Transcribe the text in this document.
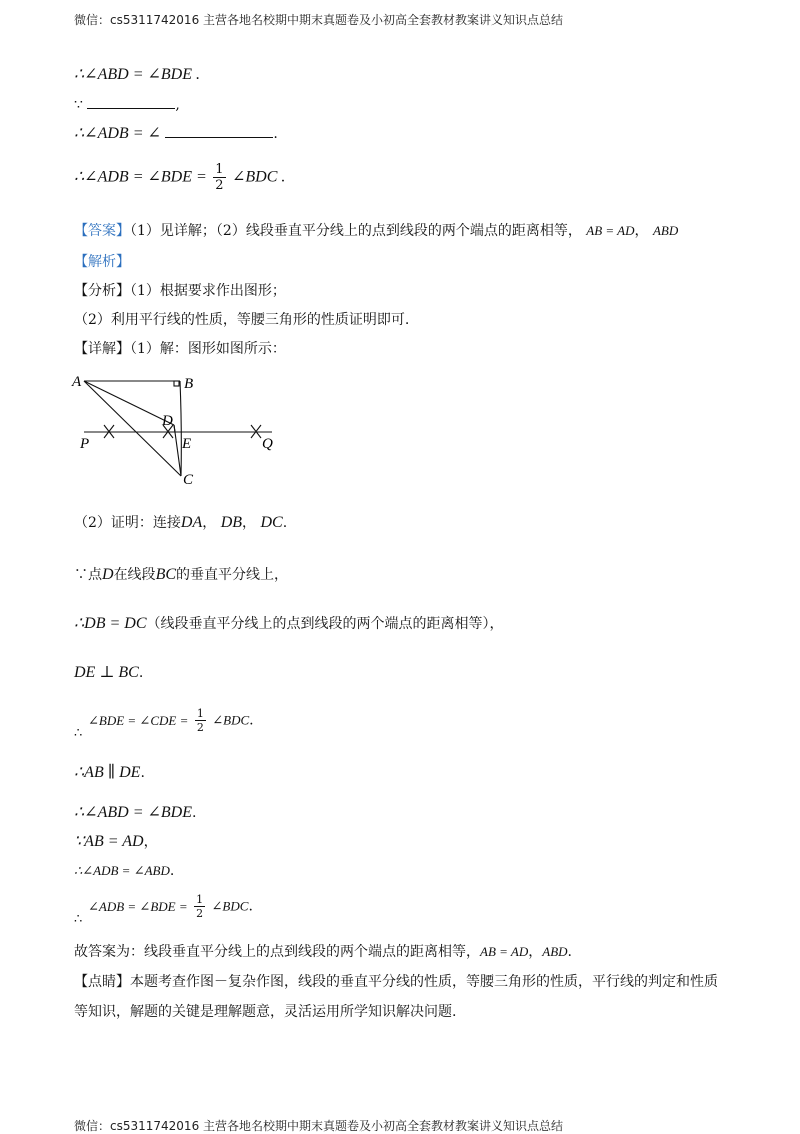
微信：cs5311742016 主营各地名校期中期末真题卷及小初高全套教材教案讲义知识点总结
∴∠ABD = ∠BDE .
∵	,
∴∠ADB = ∠	.
∴∠ADB = ∠BDE = $\frac{1}{2}$ ∠BDC .
【答案】（1）见详解；（2）线段垂直平分线上的点到线段的两个端点的距离相等， AB = AD， ABD
【解析】
【分析】（1）根据要求作出图形；
（2）利用平行线的性质，等腰三角形的性质证明即可.
【详解】（1）解：图形如图所示：
A	B
D
P	E	Q
C
（2）证明：连接DA， DB， DC.
∵点D在线段BC的垂直平分线上，
∴DB = DC（线段垂直平分线上的点到线段的两个端点的距离相等），
DE ⊥ BC.
∠BDE = ∠CDE = $\frac{1}{2}$ ∠BDC.
∴
∴AB ∥ DE.
∴∠ABD = ∠BDE.
∵AB = AD，
∴∠ADB = ∠ABD.
∠ADB = ∠BDE = $\frac{1}{2}$ ∠BDC.
∴
故答案为：线段垂直平分线上的点到线段的两个端点的距离相等，AB = AD，ABD.
【点睛】本题考查作图－复杂作图，线段的垂直平分线的性质，等腰三角形的性质，平行线的判定和性质
等知识，解题的关键是理解题意，灵活运用所学知识解决问题.
微信：cs5311742016 主营各地名校期中期末真题卷及小初高全套教材教案讲义知识点总结
